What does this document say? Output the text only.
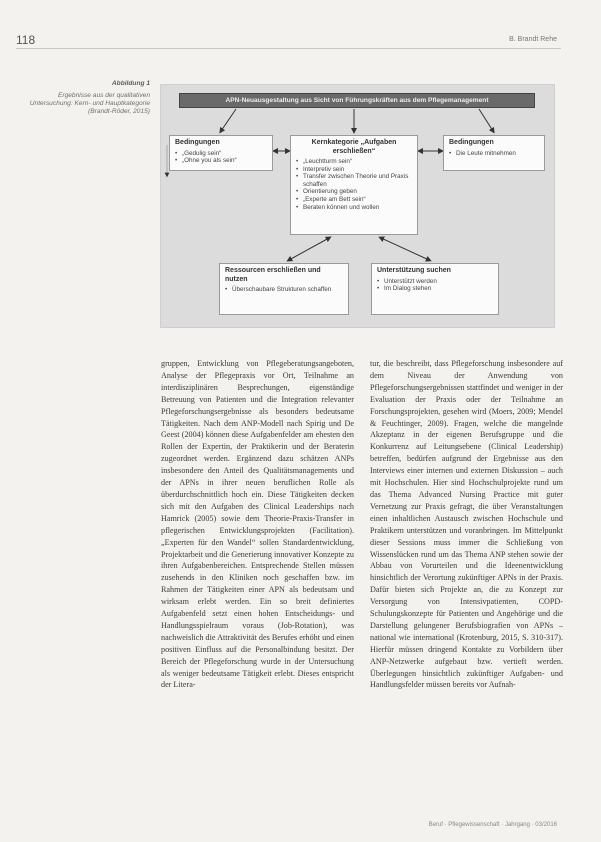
118	B. Brandt Rehe
Abbildung 1
Ergebnisse aus der qualitativen Untersuchung: Kern- und Hauptkategorie (Brandt-Röder, 2015)
APN-Neuausgestaltung aus Sicht von Führungskräften aus dem Pflegemanagement
Bedingungen
• „Gedulig sein“
• „Ohne you als sein“
Kernkategorie „Aufgaben erschließen“
• „Leuchtturm sein“
• Interpretiv sein
• Transfer zwischen Theorie und Praxis schaffen
• Orientierung geben
• „Experte am Bett sein“
• Beraten können und wollen
Bedingungen
• Die Leute mitnehmen
Ressourcen erschließen und nutzen
• Überschaubare Strukturen schaffen
Unterstützung suchen
• Unterstützt werden
• Im Dialog stehen

gruppen, Entwicklung von Pflegeberatungsangeboten, Analyse der Pflegepraxis vor Ort, Teilnahme an interdisziplinären Besprechungen, eigenständige Betreuung von Patienten und die Integration relevanter Pflegeforschungsergebnisse als besonders bedeutsame Tätigkeiten. Nach dem ANP-Modell nach Spirig und De Geest (2004) können diese Aufgabenfelder am ehesten den Rollen der Expertin, der Praktikerin und der Beraterin zugeordnet werden. Ergänzend dazu schätzen ANPs insbesondere den Anteil des Qualitätsmanagements und der APNs in ihrer neuen beruflichen Rolle als überdurchschnittlich hoch ein. Diese Tätigkeiten decken sich mit den Aufgaben des Clinical Leaderships nach Hamrick (2005) sowie dem Theorie-Praxis-Transfer in pflegerischen Entwicklungsprojekten (Facilitation). „Experten für den Wandel“ sollen Standardentwicklung, Projektarbeit und die Generierung innovativer Konzepte zu ihren Aufgabenbereichen. Entsprechende Stellen müssen zusehends in den Kliniken noch geschaffen bzw. im Rahmen der Tätigkeiten einer APN als bedeutsam und wirksam erlebt werden. Ein so breit definiertes Aufgabenfeld setzt einen hohen Entscheidungs- und Handlungsspielraum voraus (Job-Rotation), was nachweislich die Attraktivität des Berufes erhöht und einen positiven Einfluss auf die Personalbindung besitzt. Der Bereich der Pflegeforschung wurde in der Untersuchung als weniger bedeutsame Tätigkeit erlebt. Dieses entspricht der Litera-

tur, die beschreibt, dass Pflegeforschung insbesondere auf dem Niveau der Anwendung von Pflegeforschungsergebnissen stattfindet und weniger in der Evaluation der Praxis oder der Teilnahme an Forschungsprojekten, gesehen wird (Moers, 2009; Mendel & Feuchtinger, 2009). Fragen, welche die mangelnde Akzeptanz in der eigenen Berufsgruppe und die Konkurrenz auf Leitungsebene (Clinical Leadership) betreffen, bedürfen aufgrund der Ergebnisse aus den Interviews einer internen und externen Diskussion – auch mit Hochschulen. Hier sind Hochschulprojekte rund um das Thema Advanced Nursing Practice mit guter Vernetzung zur Praxis gefragt, die über Veranstaltungen einen inhaltlichen Austausch zwischen Hochschule und Praktikern unterstützen und voranbringen. Im Mittelpunkt dieser Sessions muss immer die Schließung von Wissenslücken rund um das Thema ANP stehen sowie der Abbau von Vorurteilen und die Ideenentwicklung hinsichtlich der Verortung zukünftiger APNs in der Praxis. Dafür bieten sich Projekte an, die zu Konzept zur Versorgung von Intensivpatienten, COPD-Schulungskonzepte für Patienten und Angehörige und die Darstellung gelungener Berufsbiografien von APNs – national wie international (Krotenburg, 2015, S. 310-317). Hierfür müssen dringend Kontakte zu Vorbildern über ANP-Netzwerke aufgebaut bzw. vertieft werden. Überlegungen hinsichtlich zukünftiger Aufgaben- und Handlungsfelder müssen bereits vor Aufnah-

Beruf · Pflegewissenschaft · Jahrgang · 03/2016
